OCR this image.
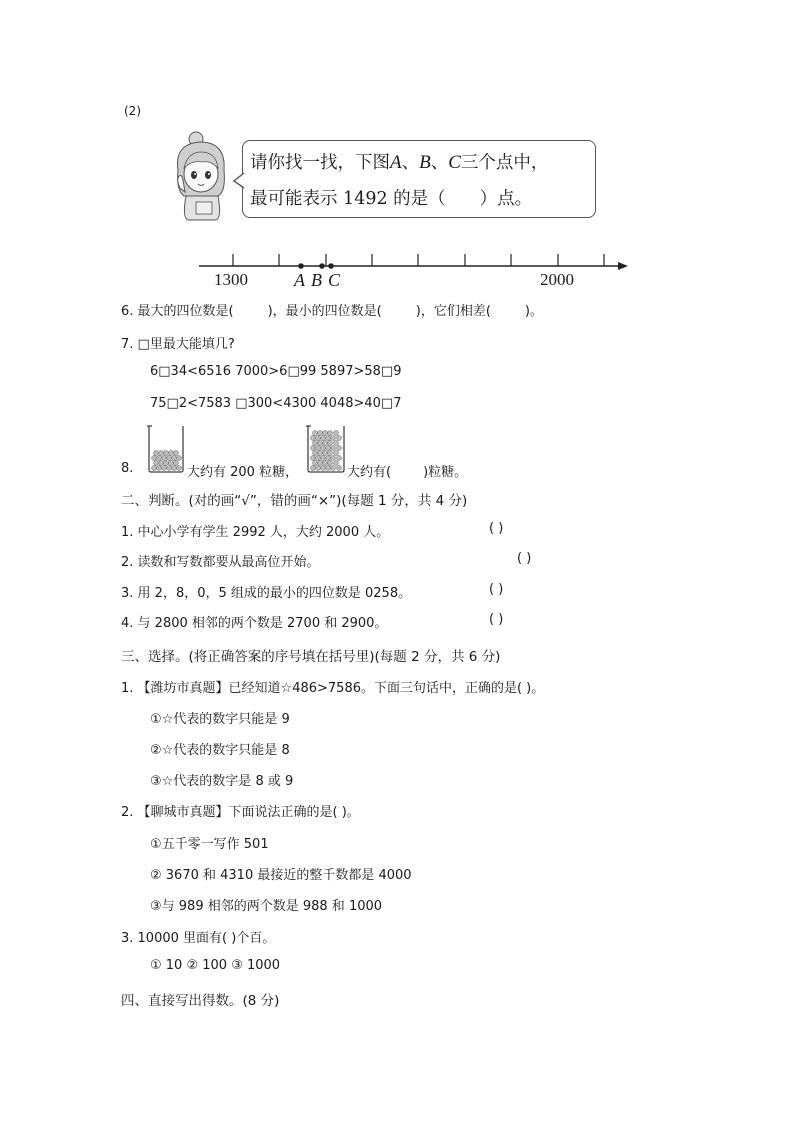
(2)
请你找一找，下图A、B、C三个点中，
最可能表示 1492 的是（ ）点。
1300	2000
A B C
6. 最大的四位数是(	)，最小的四位数是(	)，它们相差(	)。
7. □里最大能填几?
6□34<6516 7000>6□99 5897>58□9
75□2<7583 □300<4300 4048>40□7
8.	大约有 200 粒糖，	大约有( )粒糖。
二、判断。(对的画“√”，错的画“×”)(每题 1 分，共 4 分)
1. 中心小学有学生 2992 人，大约 2000 人。	( )
2. 读数和写数都要从最高位开始。	( )
3. 用 2，8，0，5 组成的最小的四位数是 0258。	( )
4. 与 2800 相邻的两个数是 2700 和 2900。	( )
三、选择。(将正确答案的序号填在括号里)(每题 2 分，共 6 分)
1. 【潍坊市真题】已经知道☆486>7586。下面三句话中，正确的是( )。
①☆代表的数字只能是 9
②☆代表的数字只能是 8
③☆代表的数字是 8 或 9
2. 【聊城市真题】下面说法正确的是( )。
①五千零一写作 501
② 3670 和 4310 最接近的整千数都是 4000
③与 989 相邻的两个数是 988 和 1000
3. 10000 里面有( )个百。
① 10 ② 100 ③ 1000
四、直接写出得数。(8 分)
